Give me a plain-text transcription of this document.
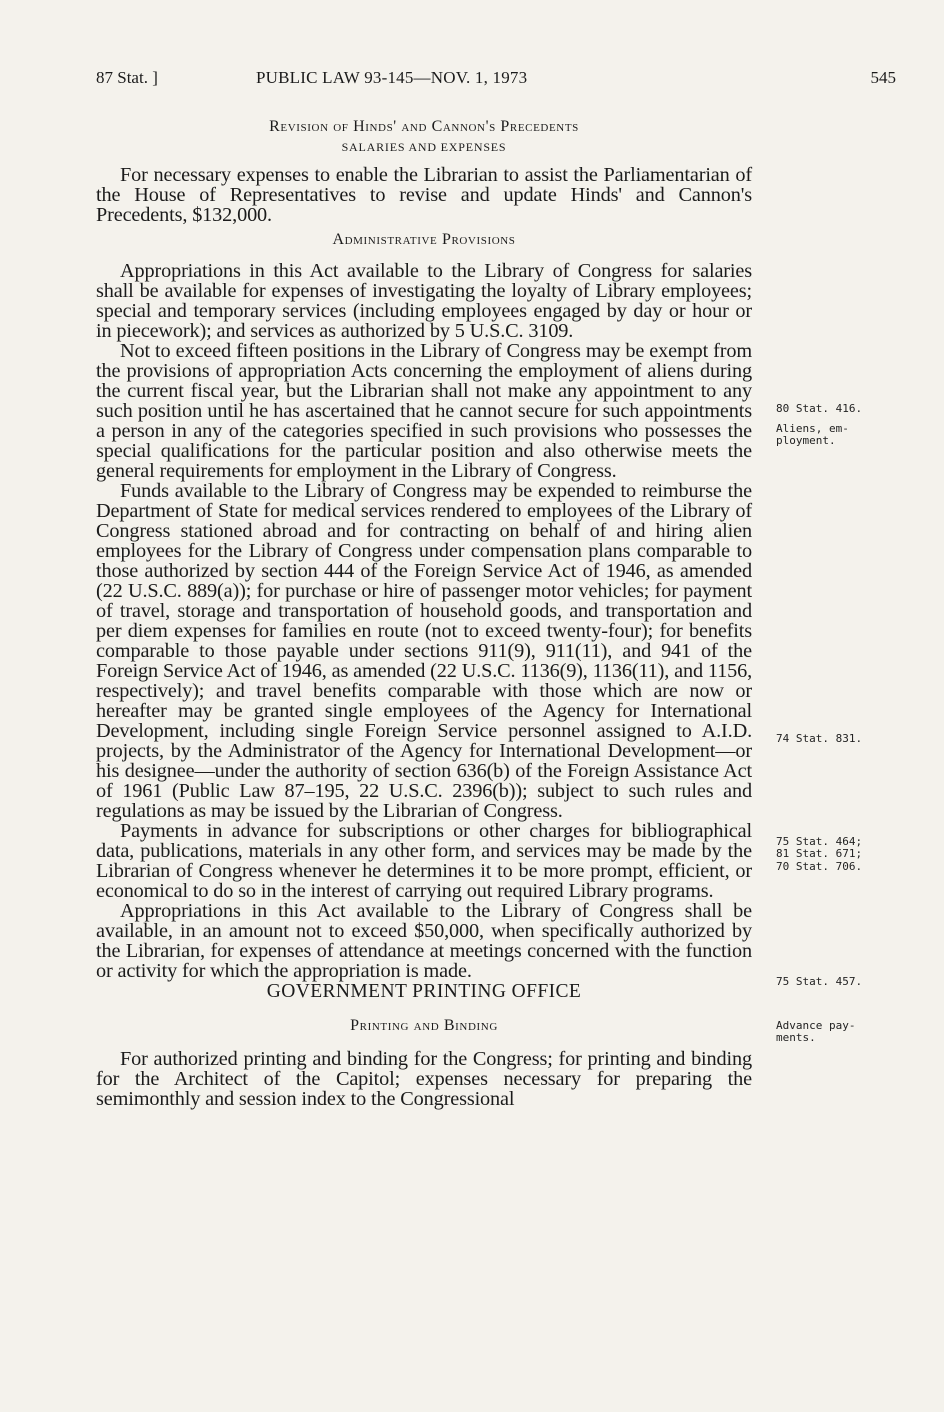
87 Stat. ]	PUBLIC LAW 93-145—NOV. 1, 1973	545
Revision of Hinds' and Cannon's Precedents
SALARIES AND EXPENSES

For necessary expenses to enable the Librarian to assist the Parliamentarian of the House of Representatives to revise and update Hinds' and Cannon's Precedents, $132,000.

Administrative Provisions

Appropriations in this Act available to the Library of Congress for salaries shall be available for expenses of investigating the loyalty of Library employees; special and temporary services (including employees engaged by day or hour or in piecework); and services as authorized by 5 U.S.C. 3109.

Not to exceed fifteen positions in the Library of Congress may be exempt from the provisions of appropriation Acts concerning the employment of aliens during the current fiscal year, but the Librarian shall not make any appointment to any such position until he has ascertained that he cannot secure for such appointments a person in any of the categories specified in such provisions who possesses the special qualifications for the particular position and also otherwise meets the general requirements for employment in the Library of Congress.

Funds available to the Library of Congress may be expended to reimburse the Department of State for medical services rendered to employees of the Library of Congress stationed abroad and for contracting on behalf of and hiring alien employees for the Library of Congress under compensation plans comparable to those authorized by section 444 of the Foreign Service Act of 1946, as amended (22 U.S.C. 889(a)); for purchase or hire of passenger motor vehicles; for payment of travel, storage and transportation of household goods, and transportation and per diem expenses for families en route (not to exceed twenty-four); for benefits comparable to those payable under sections 911(9), 911(11), and 941 of the Foreign Service Act of 1946, as amended (22 U.S.C. 1136(9), 1136(11), and 1156, respectively); and travel benefits comparable with those which are now or hereafter may be granted single employees of the Agency for International Development, including single Foreign Service personnel assigned to A.I.D. projects, by the Administrator of the Agency for International Development—or his designee—under the authority of section 636(b) of the Foreign Assistance Act of 1961 (Public Law 87–195, 22 U.S.C. 2396(b)); subject to such rules and regulations as may be issued by the Librarian of Congress.

Payments in advance for subscriptions or other charges for bibliographical data, publications, materials in any other form, and services may be made by the Librarian of Congress whenever he determines it to be more prompt, efficient, or economical to do so in the interest of carrying out required Library programs.

Appropriations in this Act available to the Library of Congress shall be available, in an amount not to exceed $50,000, when specifically authorized by the Librarian, for expenses of attendance at meetings concerned with the function or activity for which the appropriation is made.

GOVERNMENT PRINTING OFFICE
Printing and Binding

For authorized printing and binding for the Congress; for printing and binding for the Architect of the Capitol; expenses necessary for preparing the semimonthly and session index to the Congressional

80 Stat. 416.
Aliens, em-
ployment.
74 Stat. 831.
75 Stat. 464;
81 Stat. 671;
70 Stat. 706.
75 Stat. 457.
Advance pay-
ments.
